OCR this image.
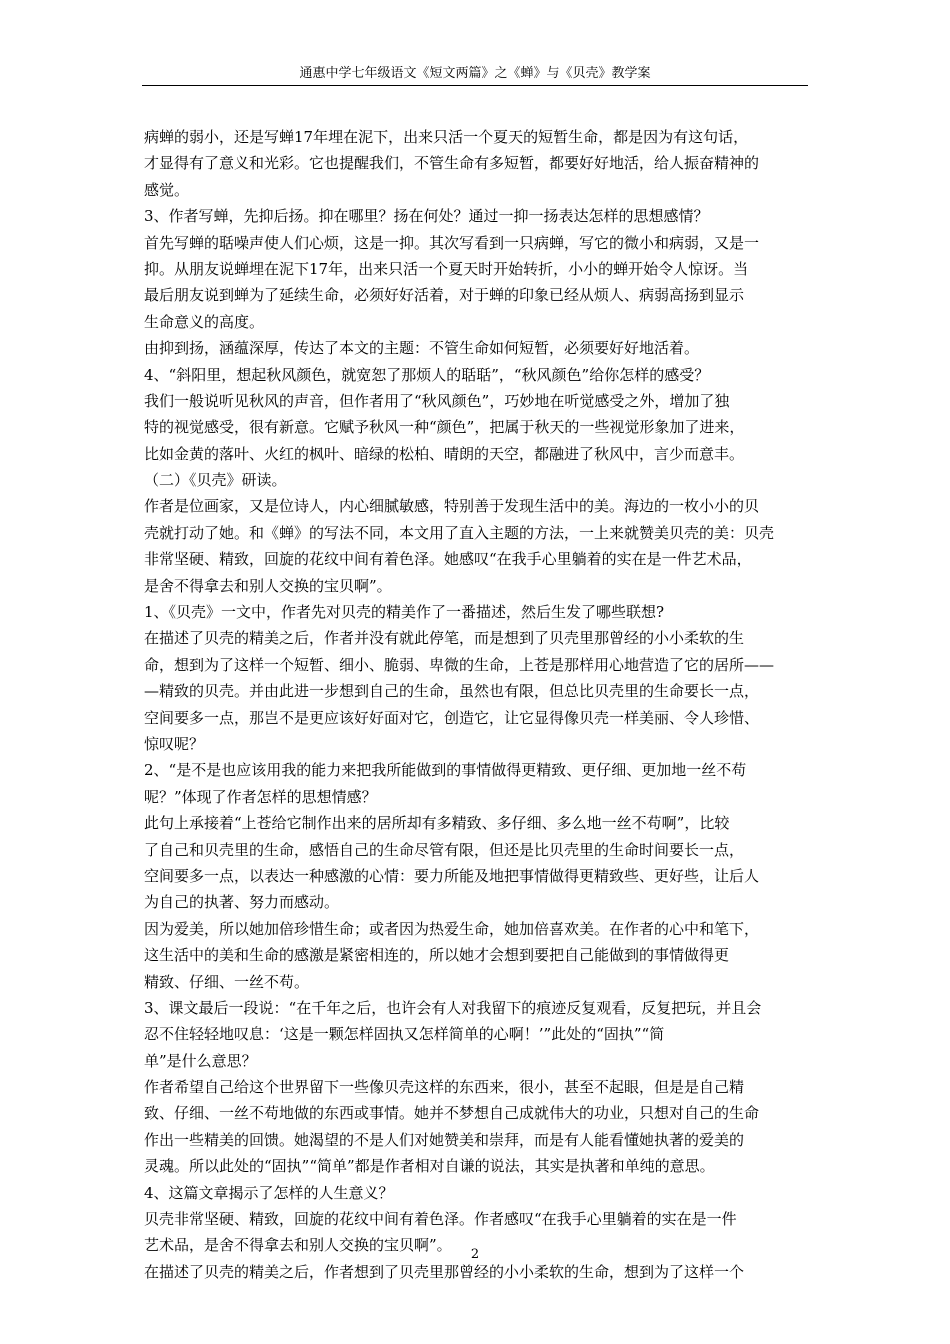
通惠中学七年级语文《短文两篇》之《蝉》与《贝壳》教学案
病蝉的弱小，还是写蝉17年埋在泥下，出来只活一个夏天的短暂生命，都是因为有这句话，
才显得有了意义和光彩。它也提醒我们，不管生命有多短暂，都要好好地活，给人振奋精神的
感觉。
3、作者写蝉，先抑后扬。抑在哪里？扬在何处？通过一抑一扬表达怎样的思想感情？
首先写蝉的聒噪声使人们心烦，这是一抑。其次写看到一只病蝉，写它的微小和病弱，又是一
抑。从朋友说蝉埋在泥下17年，出来只活一个夏天时开始转折，小小的蝉开始令人惊讶。当
最后朋友说到蝉为了延续生命，必须好好活着，对于蝉的印象已经从烦人、病弱高扬到显示
生命意义的高度。
由抑到扬，涵蕴深厚，传达了本文的主题：不管生命如何短暂，必须要好好地活着。
4、“斜阳里，想起秋风颜色，就宽恕了那烦人的聒聒”，“秋风颜色”给你怎样的感受？
我们一般说听见秋风的声音，但作者用了“秋风颜色”，巧妙地在听觉感受之外，增加了独
特的视觉感受，很有新意。它赋予秋风一种“颜色”，把属于秋天的一些视觉形象加了进来，
比如金黄的落叶、火红的枫叶、暗绿的松柏、晴朗的天空，都融进了秋风中，言少而意丰。
（二）《贝壳》研读。
作者是位画家，又是位诗人，内心细腻敏感，特别善于发现生活中的美。海边的一枚小小的贝
壳就打动了她。和《蝉》的写法不同，本文用了直入主题的方法，一上来就赞美贝壳的美：贝壳
非常坚硬、精致，回旋的花纹中间有着色泽。她感叹“在我手心里躺着的实在是一件艺术品，
是舍不得拿去和别人交换的宝贝啊”。
1、《贝壳》一文中，作者先对贝壳的精美作了一番描述，然后生发了哪些联想?
在描述了贝壳的精美之后，作者并没有就此停笔，而是想到了贝壳里那曾经的小小柔软的生
命，想到为了这样一个短暂、细小、脆弱、卑微的生命，上苍是那样用心地营造了它的居所——
—精致的贝壳。并由此进一步想到自己的生命，虽然也有限，但总比贝壳里的生命要长一点，
空间要多一点，那岂不是更应该好好面对它，创造它，让它显得像贝壳一样美丽、令人珍惜、
惊叹呢？
2、“是不是也应该用我的能力来把我所能做到的事情做得更精致、更仔细、更加地一丝不苟
呢？”体现了作者怎样的思想情感？
此句上承接着“上苍给它制作出来的居所却有多精致、多仔细、多么地一丝不苟啊”，比较
了自己和贝壳里的生命，感悟自己的生命尽管有限，但还是比贝壳里的生命时间要长一点，
空间要多一点，以表达一种感激的心情：要力所能及地把事情做得更精致些、更好些，让后人
为自己的执著、努力而感动。
因为爱美，所以她加倍珍惜生命；或者因为热爱生命，她加倍喜欢美。在作者的心中和笔下，
这生活中的美和生命的感激是紧密相连的，所以她才会想到要把自己能做到的事情做得更
精致、仔细、一丝不苟。
3、课文最后一段说：“在千年之后，也许会有人对我留下的痕迹反复观看，反复把玩，并且会
忍不住轻轻地叹息：‘这是一颗怎样固执又怎样简单的心啊！’”此处的“固执”“简
单”是什么意思？
作者希望自己给这个世界留下一些像贝壳这样的东西来，很小，甚至不起眼，但是是自己精
致、仔细、一丝不苟地做的东西或事情。她并不梦想自己成就伟大的功业，只想对自己的生命
作出一些精美的回馈。她渴望的不是人们对她赞美和崇拜，而是有人能看懂她执著的爱美的
灵魂。所以此处的“固执”“简单”都是作者相对自谦的说法，其实是执著和单纯的意思。
4、这篇文章揭示了怎样的人生意义？
贝壳非常坚硬、精致，回旋的花纹中间有着色泽。作者感叹“在我手心里躺着的实在是一件
艺术品，是舍不得拿去和别人交换的宝贝啊”。
在描述了贝壳的精美之后，作者想到了贝壳里那曾经的小小柔软的生命，想到为了这样一个
2
